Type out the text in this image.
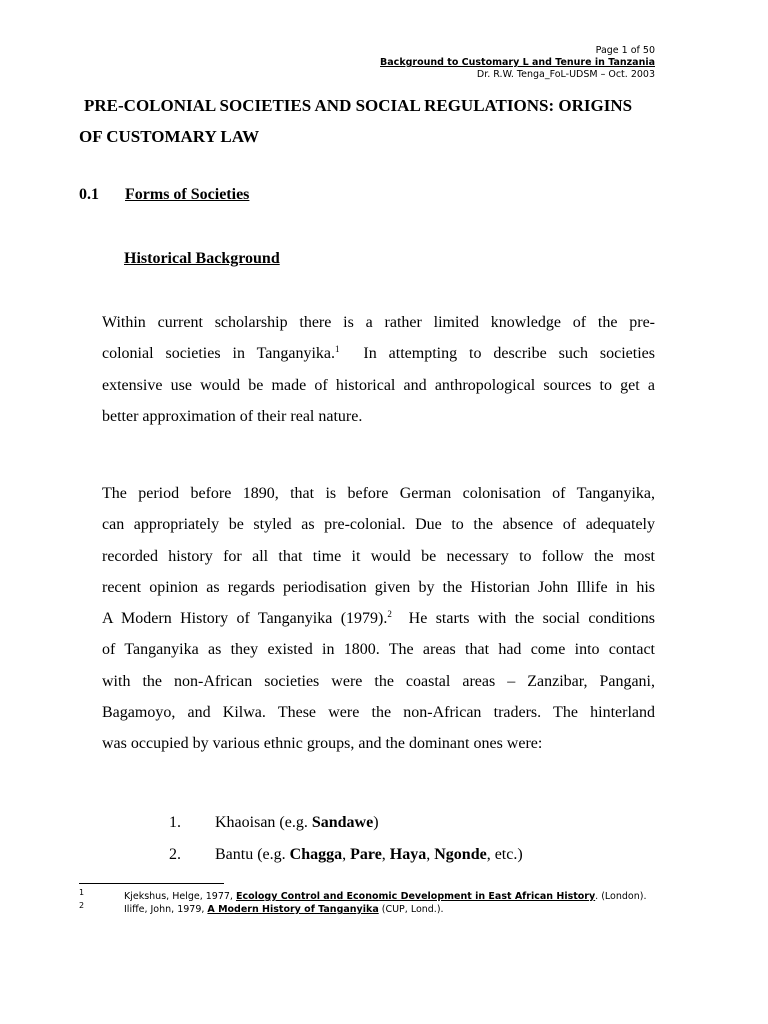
Page 1 of 50
Background to Customary L and Tenure in Tanzania
Dr. R.W. Tenga_FoL-UDSM – Oct. 2003
PRE-COLONIAL SOCIETIES AND SOCIAL REGULATIONS: ORIGINS
OF CUSTOMARY LAW
0.1 Forms of Societies
Historical Background
Within current scholarship there is a rather limited knowledge of the pre-
colonial societies in Tanganyika.$^1$  In attempting to describe such societies
extensive use would be made of historical and anthropological sources to get a
better approximation of their real nature.
The period before 1890, that is before German colonisation of Tanganyika,
can appropriately be styled as pre-colonial. Due to the absence of adequately
recorded history for all that time it would be necessary to follow the most
recent opinion as regards periodisation given by the Historian John Illife in his
A Modern History of Tanganyika (1979).$^2$  He starts with the social conditions
of Tanganyika as they existed in 1800. The areas that had come into contact
with the non-African societies were the coastal areas – Zanzibar, Pangani,
Bagamoyo, and Kilwa. These were the non-African traders. The hinterland
was occupied by various ethnic groups, and the dominant ones were:
1. Khaoisan (e.g. Sandawe)
2. Bantu (e.g. Chagga, Pare, Haya, Ngonde, etc.)
1	Kjekshus, Helge, 1977, Ecology Control and Economic Development in East African History. (London).
2	Iliffe, John, 1979, A Modern History of Tanganyika (CUP, Lond.).
